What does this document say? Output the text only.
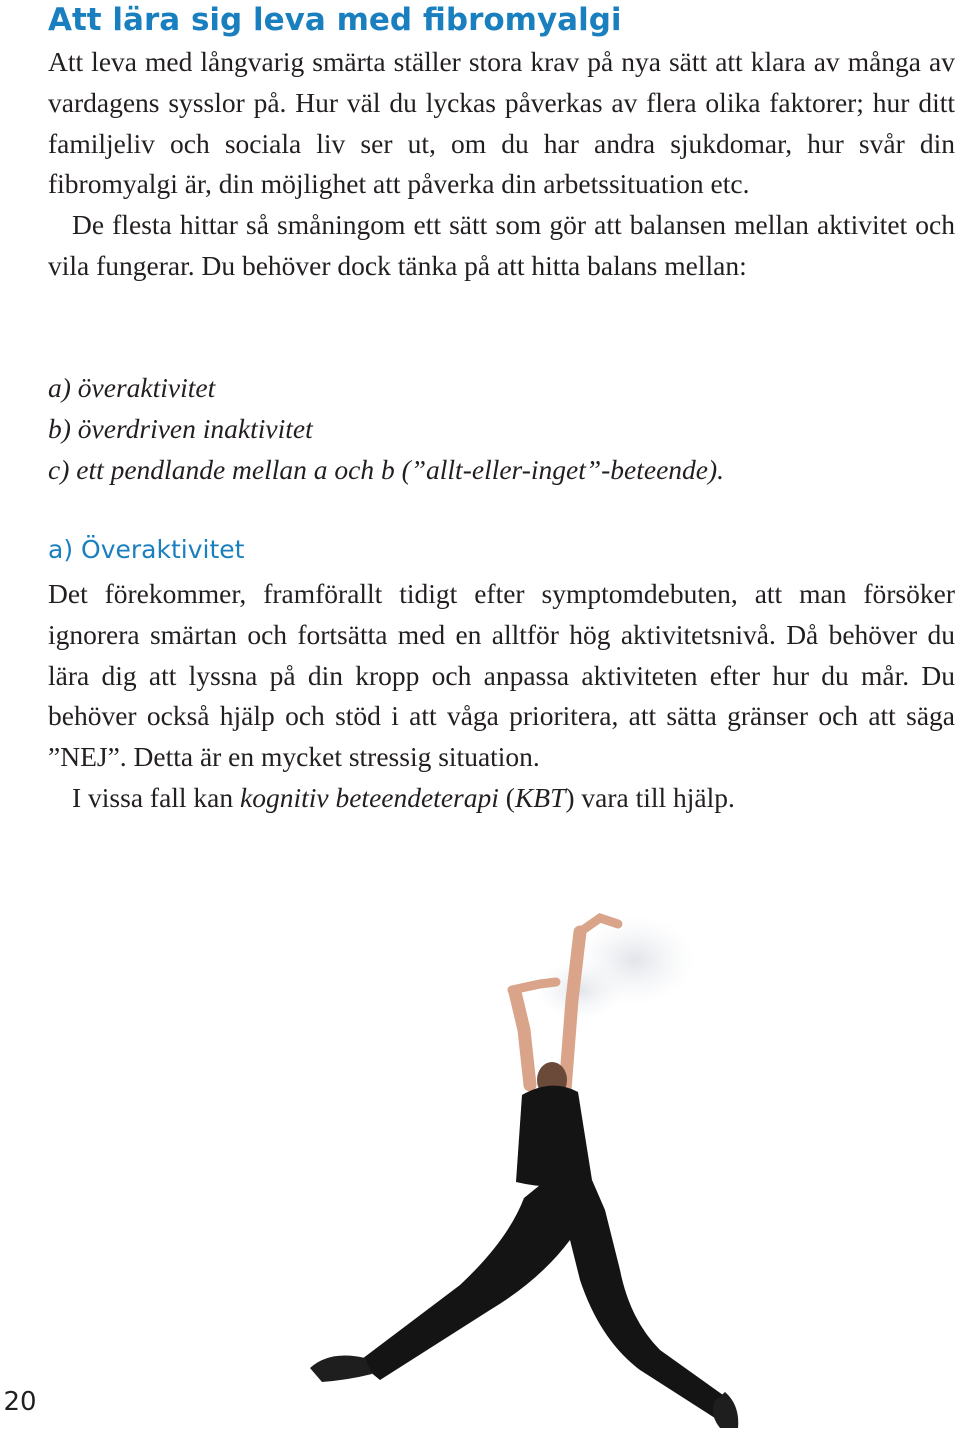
Att lära sig leva med fibromyalgi

Att leva med långvarig smärta ställer stora krav på nya sätt att klara av många av vardagens sysslor på. Hur väl du lyckas påverkas av flera olika faktorer; hur ditt familjeliv och sociala liv ser ut, om du har andra sjukdomar, hur svår din fibromyalgi är, din möjlighet att påverka din arbetssituation etc.

De flesta hittar så småningom ett sätt som gör att balansen mellan aktivitet och vila fungerar. Du behöver dock tänka på att hitta balans mellan:

a) överaktivitet

b) överdriven inaktivitet

c) ett pendlande mellan a och b (”allt-eller-inget”-beteende).

a) Överaktivitet

Det förekommer, framförallt tidigt efter symptomdebuten, att man försöker ignorera smärtan och fortsätta med en alltför hög aktivitetsnivå. Då behöver du lära dig att lyssna på din kropp och anpassa aktiviteten efter hur du mår. Du behöver också hjälp och stöd i att våga prioritera, att sätta gränser och att säga ”NEJ”. Detta är en mycket stressig situation.

I vissa fall kan kognitiv beteendeterapi (KBT) vara till hjälp.

20
